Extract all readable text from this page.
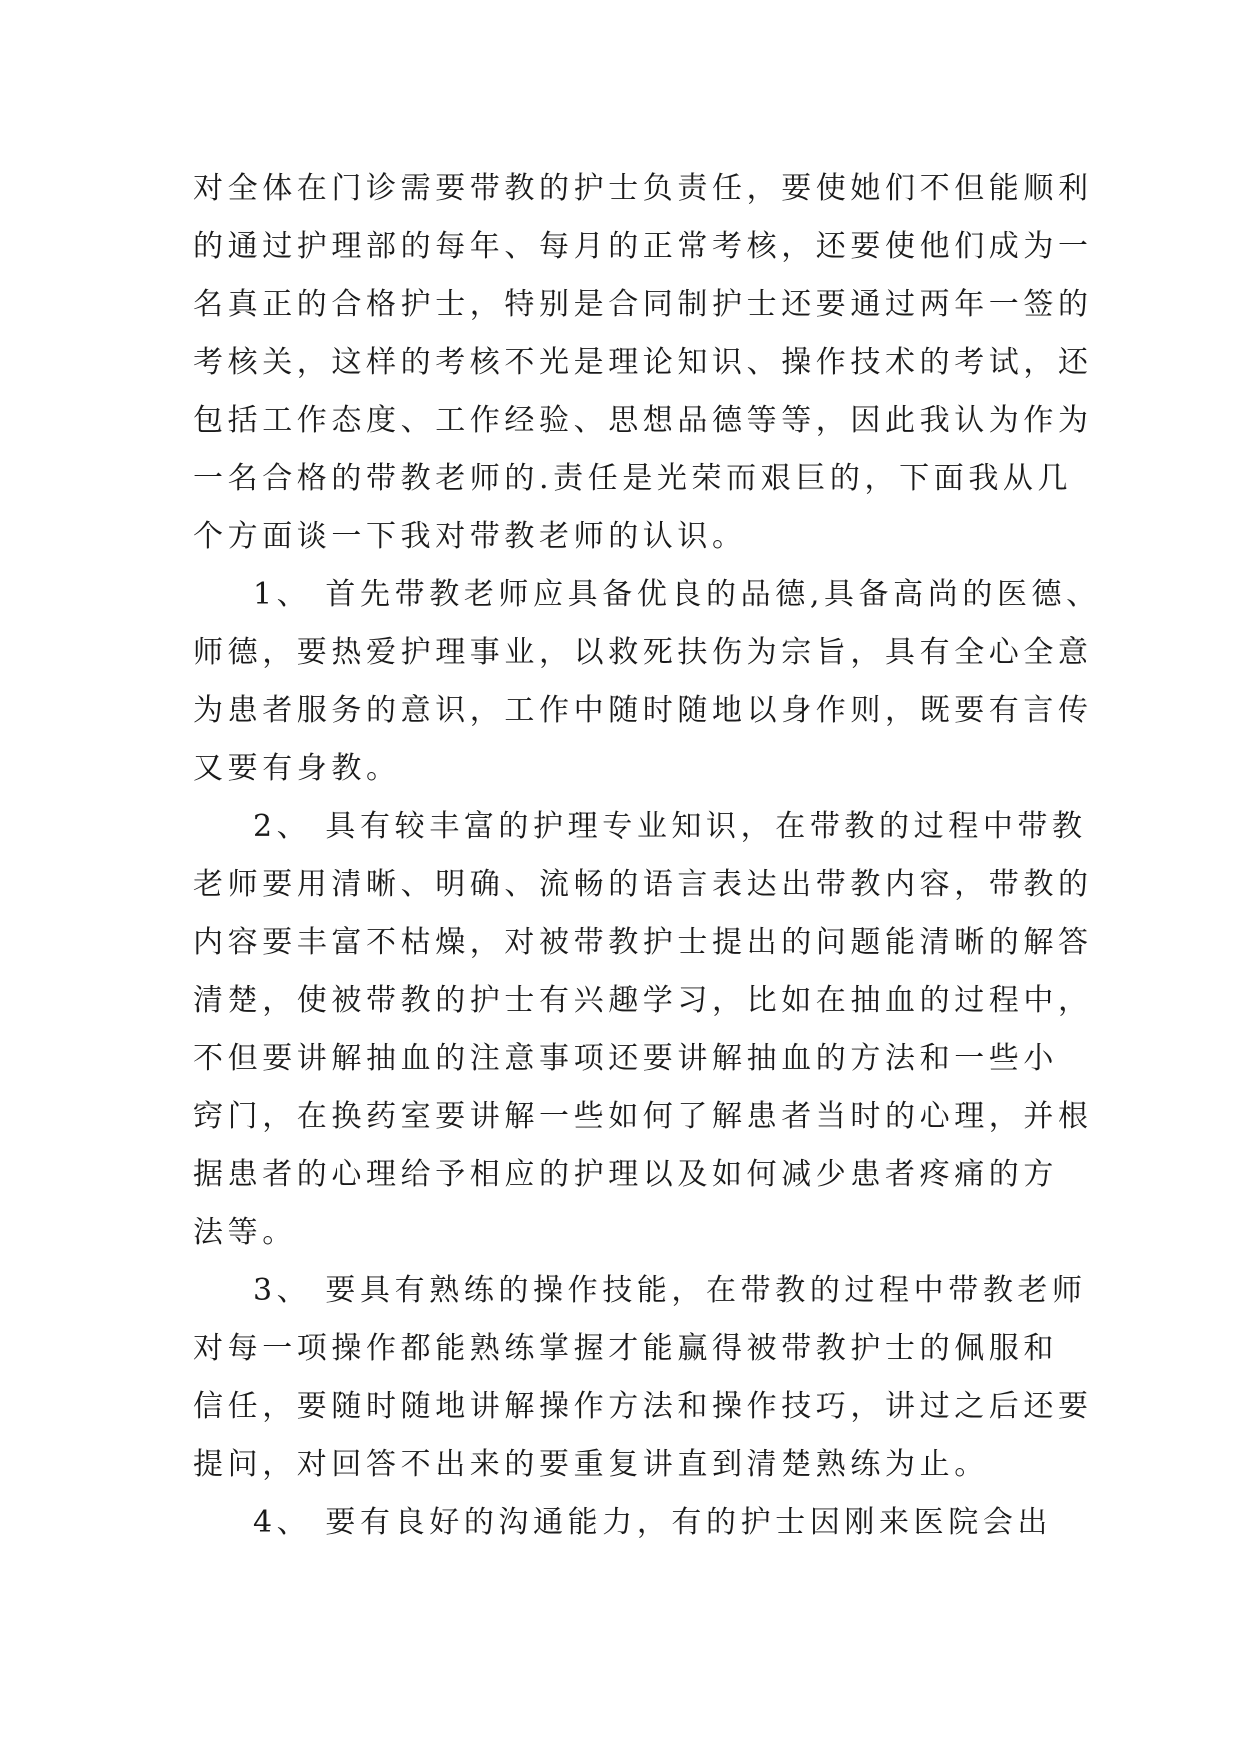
对全体在门诊需要带教的护士负责任，要使她们不但能顺利
的通过护理部的每年、每月的正常考核，还要使他们成为一
名真正的合格护士，特别是合同制护士还要通过两年一签的
考核关，这样的考核不光是理论知识、操作技术的考试，还
包括工作态度、工作经验、思想品德等等，因此我认为作为
一名合格的带教老师的.责任是光荣而艰巨的，下面我从几
个方面谈一下我对带教老师的认识。
1、 首先带教老师应具备优良的品德,具备高尚的医德、
师德，要热爱护理事业，以救死扶伤为宗旨，具有全心全意
为患者服务的意识，工作中随时随地以身作则，既要有言传
又要有身教。
2、 具有较丰富的护理专业知识，在带教的过程中带教
老师要用清晰、明确、流畅的语言表达出带教内容，带教的
内容要丰富不枯燥，对被带教护士提出的问题能清晰的解答
清楚，使被带教的护士有兴趣学习，比如在抽血的过程中，
不但要讲解抽血的注意事项还要讲解抽血的方法和一些小
窍门，在换药室要讲解一些如何了解患者当时的心理，并根
据患者的心理给予相应的护理以及如何减少患者疼痛的方
法等。
3、 要具有熟练的操作技能，在带教的过程中带教老师
对每一项操作都能熟练掌握才能赢得被带教护士的佩服和
信任，要随时随地讲解操作方法和操作技巧，讲过之后还要
提问，对回答不出来的要重复讲直到清楚熟练为止。
4、 要有良好的沟通能力，有的护士因刚来医院会出
